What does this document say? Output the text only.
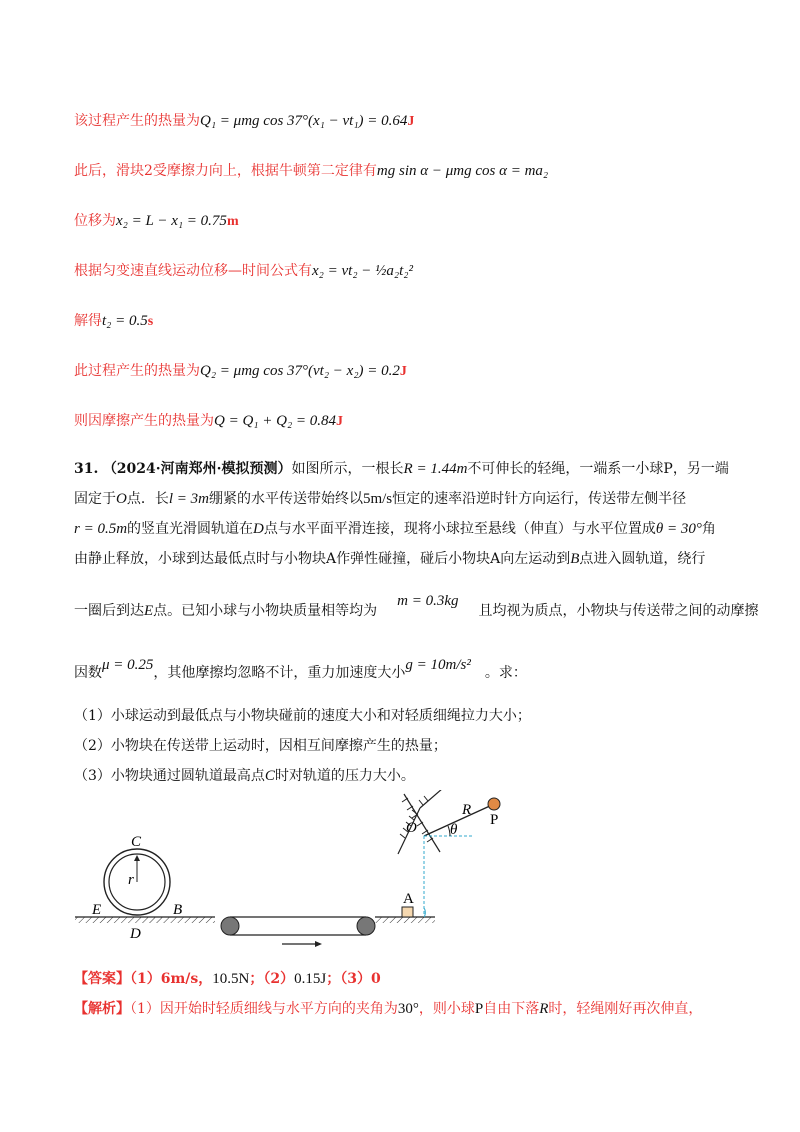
该过程产生的热量为Q₁ = μmg cos 37°(x₁ − vt₁) = 0.64J
此后，滑块2受摩擦力向上，根据牛顿第二定律有mg sin α − μmg cos α = ma₂
位移为x₂ = L − x₁ = 0.75m
根据匀变速直线运动位移—时间公式有x₂ = vt₂ − ½a₂t₂²
解得t₂ = 0.5s
此过程产生的热量为Q₂ = μmg cos 37°(vt₂ − x₂) = 0.2J
则因摩擦产生的热量为Q = Q₁ + Q₂ = 0.84J
31. （2024·河南郑州·模拟预测）如图所示，一根长R = 1.44m不可伸长的轻绳，一端系一小球P，另一端
固定于O点．长l = 3m绷紧的水平传送带始终以5m/s恒定的速率沿逆时针方向运行，传送带左侧半径
r = 0.5m的竖直光滑圆轨道在D点与水平面平滑连接，现将小球拉至悬线（伸直）与水平位置成θ = 30°角
由静止释放，小球到达最低点时与小物块A作弹性碰撞，碰后小物块A向左运动到B点进入圆轨道，绕行
一圈后到达E点。已知小球与小物块质量相等均为m = 0.3kg且均视为质点，小物块与传送带之间的动摩擦
因数μ = 0.25，其他摩擦均忽略不计，重力加速度大小g = 10m/s² 。求：
（1）小球运动到最低点与小物块碰前的速度大小和对轻质细绳拉力大小；
（2）小物块在传送带上运动时，因相互间摩擦产生的热量；
（3）小物块通过圆轨道最高点C时对轨道的压力大小。
C
r
E	B
D
A
O
R
P
θ
【答案】（1）6m/s，10.5N；（2）0.15J；（3）0
【解析】（1）因开始时轻质细线与水平方向的夹角为30°，则小球P自由下落R时，轻绳刚好再次伸直，
